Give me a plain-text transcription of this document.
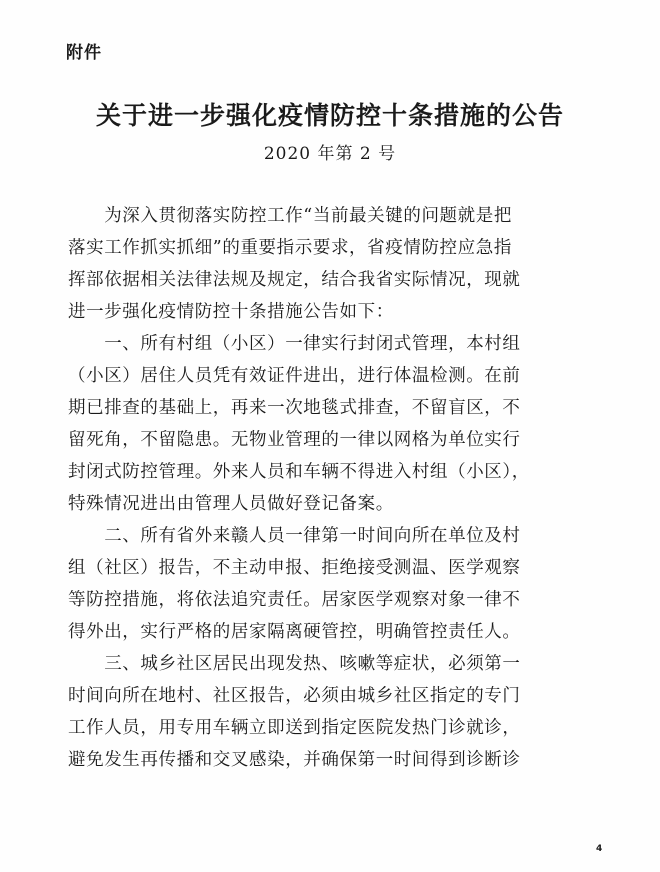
附件
关于进一步强化疫情防控十条措施的公告
2020 年第 2 号
　　为深入贯彻落实防控工作“当前最关键的问题就是把
落实工作抓实抓细”的重要指示要求，省疫情防控应急指
挥部依据相关法律法规及规定，结合我省实际情况，现就
进一步强化疫情防控十条措施公告如下：
　　一、所有村组（小区）一律实行封闭式管理，本村组
（小区）居住人员凭有效证件进出，进行体温检测。在前
期已排查的基础上，再来一次地毯式排查，不留盲区，不
留死角，不留隐患。无物业管理的一律以网格为单位实行
封闭式防控管理。外来人员和车辆不得进入村组（小区），
特殊情况进出由管理人员做好登记备案。
　　二、所有省外来赣人员一律第一时间向所在单位及村
组（社区）报告，不主动申报、拒绝接受测温、医学观察
等防控措施，将依法追究责任。居家医学观察对象一律不
得外出，实行严格的居家隔离硬管控，明确管控责任人。
　　三、城乡社区居民出现发热、咳嗽等症状，必须第一
时间向所在地村、社区报告，必须由城乡社区指定的专门
工作人员，用专用车辆立即送到指定医院发热门诊就诊，
避免发生再传播和交叉感染，并确保第一时间得到诊断诊
4
